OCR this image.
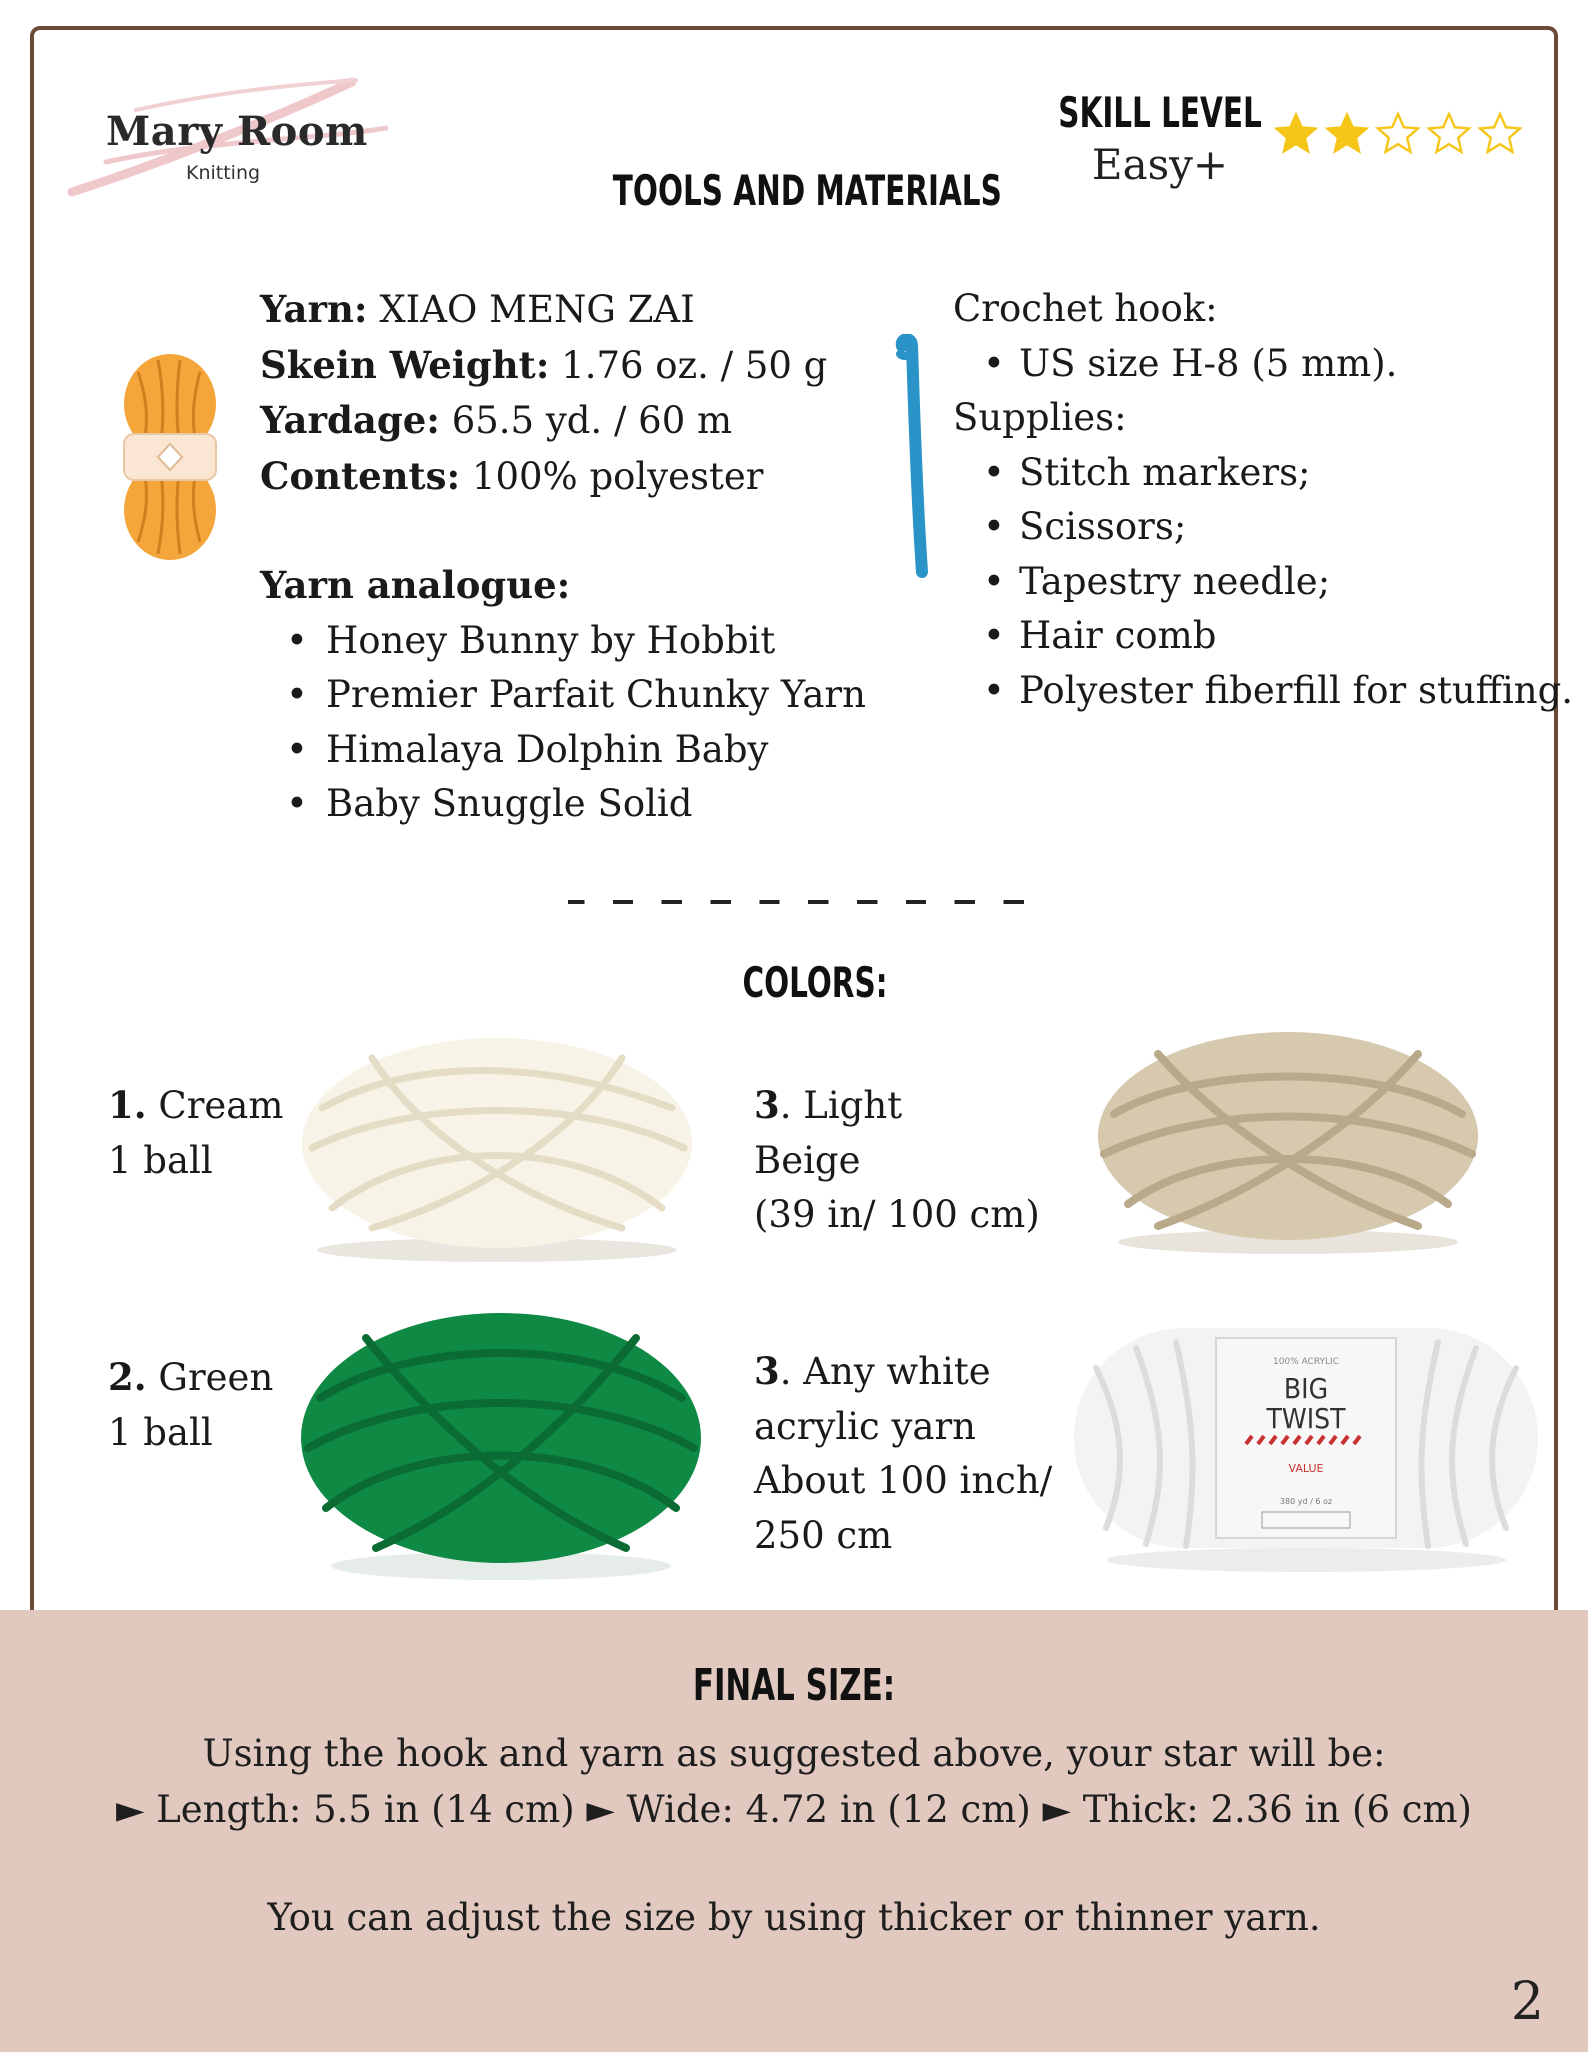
Mary Room
Knitting	TOOLS AND MATERIALS
SKILL LEVEL
Easy+
Yarn: XIAO MENG ZAI
Skein Weight: 1.76 oz. / 50 g
Yardage: 65.5 yd. / 60 m
Contents: 100% polyester
Yarn analogue:
• Honey Bunny by Hobbit
• Premier Parfait Chunky Yarn
• Himalaya Dolphin Baby
• Baby Snuggle Solid
Crochet hook:
• US size H-8 (5 mm).
Supplies:
• Stitch markers;
• Scissors;
• Tapestry needle;
• Hair comb
• Polyester fiberfill for stuffing.
COLORS:
1. Cream
1 ball
2. Green
1 ball
3. Light
Beige
(39 in/ 100 cm)
3. Any white
acrylic yarn
About 100 inch/
250 cm
100% ACRYLIC
BIG
TWIST
VALUE
380 yd / 6 oz
FINAL SIZE:
Using the hook and yarn as suggested above, your star will be:
► Length: 5.5 in (14 cm) ► Wide: 4.72 in (12 cm) ► Thick: 2.36 in (6 cm)
You can adjust the size by using thicker or thinner yarn.
2
